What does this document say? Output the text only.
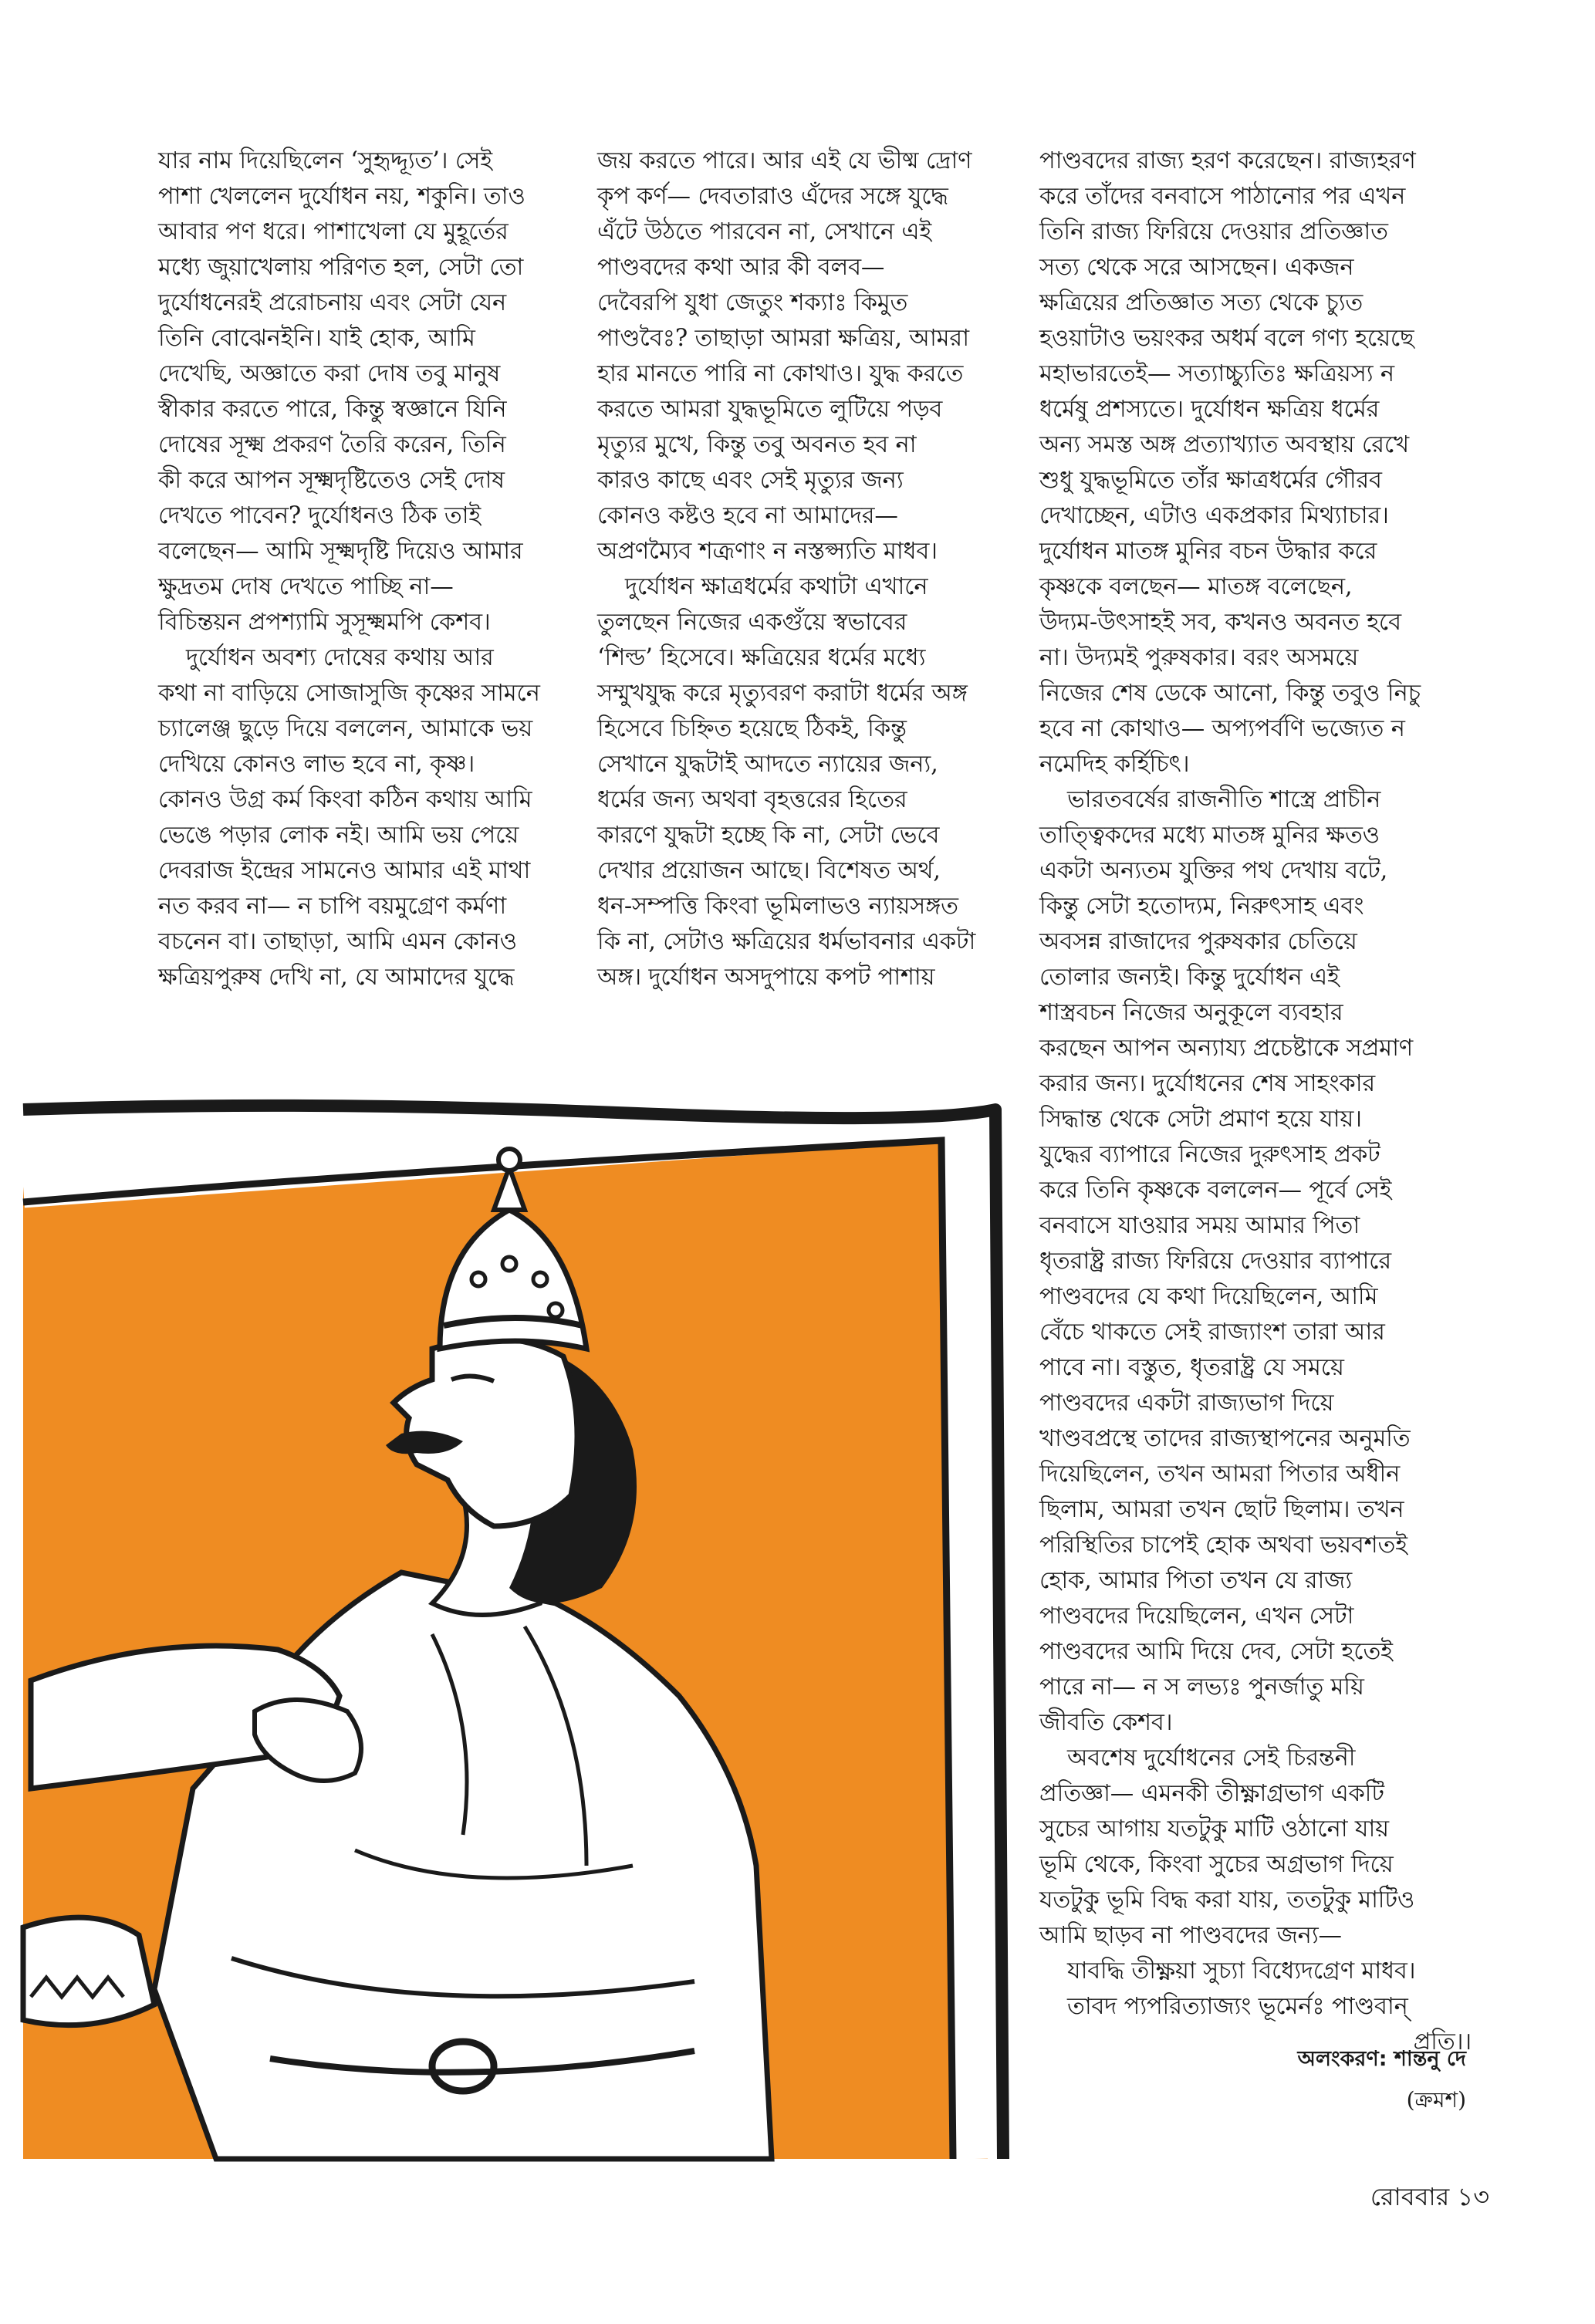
যার নাম দিয়েছিলেন ‘সুহৃদ্দ্যূত’। সেই

পাশা খেললেন দুর্যোধন নয়, শকুনি। তাও

আবার পণ ধরে। পাশাখেলা যে মুহূর্তের

মধ্যে জুয়াখেলায় পরিণত হল, সেটা তো

দুর্যোধনেরই প্ররোচনায় এবং সেটা যেন

তিনি বোঝেনইনি। যাই হোক, আমি

দেখেছি, অজ্ঞাতে করা দোষ তবু মানুষ

স্বীকার করতে পারে, কিন্তু স্বজ্ঞানে যিনি

দোষের সূক্ষ্ম প্রকরণ তৈরি করেন, তিনি

কী করে আপন সূক্ষ্মদৃষ্টিতেও সেই দোষ

দেখতে পাবেন? দুর্যোধনও ঠিক তাই

বলেছেন— আমি সূক্ষ্মদৃষ্টি দিয়েও আমার

ক্ষুদ্রতম দোষ দেখতে পাচ্ছি না—

বিচিন্তয়ন প্রপশ্যামি সুসূক্ষ্মমপি কেশব।

দুর্যোধন অবশ্য দোষের কথায় আর

কথা না বাড়িয়ে সোজাসুজি কৃষ্ণের সামনে

চ্যালেঞ্জ ছুড়ে দিয়ে বললেন, আমাকে ভয়

দেখিয়ে কোনও লাভ হবে না, কৃষ্ণ।

কোনও উগ্র কর্ম কিংবা কঠিন কথায় আমি

ভেঙে পড়ার লোক নই। আমি ভয় পেয়ে

দেবরাজ ইন্দ্রের সামনেও আমার এই মাথা

নত করব না— ন চাপি বয়মুগ্রেণ কর্মণা

বচনেন বা। তাছাড়া, আমি এমন কোনও

ক্ষত্রিয়পুরুষ দেখি না, যে আমাদের যুদ্ধে

জয় করতে পারে। আর এই যে ভীষ্ম দ্রোণ

কৃপ কর্ণ— দেবতারাও এঁদের সঙ্গে যুদ্ধে

এঁটে উঠতে পারবেন না, সেখানে এই

পাণ্ডবদের কথা আর কী বলব—

দেবৈরপি যুধা জেতুং শক্যাঃ কিমুত

পাণ্ডবৈঃ? তাছাড়া আমরা ক্ষত্রিয়, আমরা

হার মানতে পারি না কোথাও। যুদ্ধ করতে

করতে আমরা যুদ্ধভূমিতে লুটিয়ে পড়ব

মৃত্যুর মুখে, কিন্তু তবু অবনত হব না

কারও কাছে এবং সেই মৃত্যুর জন্য

কোনও কষ্টও হবে না আমাদের—

অপ্রণম্যৈব শত্রূণাং ন নস্তপ্স্যতি মাধব।

দুর্যোধন ক্ষাত্রধর্মের কথাটা এখানে

তুলছেন নিজের একগুঁয়ে স্বভাবের

‘শিল্ড’ হিসেবে। ক্ষত্রিয়ের ধর্মের মধ্যে

সম্মুখযুদ্ধ করে মৃত্যুবরণ করাটা ধর্মের অঙ্গ

হিসেবে চিহ্নিত হয়েছে ঠিকই, কিন্তু

সেখানে যুদ্ধটাই আদতে ন্যায়ের জন্য,

ধর্মের জন্য অথবা বৃহত্তরের হিতের

কারণে যুদ্ধটা হচ্ছে কি না, সেটা ভেবে

দেখার প্রয়োজন আছে। বিশেষত অর্থ,

ধন-সম্পত্তি কিংবা ভূমিলাভও ন্যায়সঙ্গত

কি না, সেটাও ক্ষত্রিয়ের ধর্মভাবনার একটা

অঙ্গ। দুর্যোধন অসদুপায়ে কপট পাশায়

পাণ্ডবদের রাজ্য হরণ করেছেন। রাজ্যহরণ

করে তাঁদের বনবাসে পাঠানোর পর এখন

তিনি রাজ্য ফিরিয়ে দেওয়ার প্রতিজ্ঞাত

সত্য থেকে সরে আসছেন। একজন

ক্ষত্রিয়ের প্রতিজ্ঞাত সত্য থেকে চ্যুত

হওয়াটাও ভয়ংকর অধর্ম বলে গণ্য হয়েছে

মহাভারতেই— সত্যাচ্চ্যুতিঃ ক্ষত্রিয়স্য ন

ধর্মেষু প্রশস্যতে। দুর্যোধন ক্ষত্রিয় ধর্মের

অন্য সমস্ত অঙ্গ প্রত্যাখ্যাত অবস্থায় রেখে

শুধু যুদ্ধভূমিতে তাঁর ক্ষাত্রধর্মের গৌরব

দেখাচ্ছেন, এটাও একপ্রকার মিথ্যাচার।

দুর্যোধন মাতঙ্গ মুনির বচন উদ্ধার করে

কৃষ্ণকে বলছেন— মাতঙ্গ বলেছেন,

উদ্যম-উৎসাহই সব, কখনও অবনত হবে

না। উদ্যমই পুরুষকার। বরং অসময়ে

নিজের শেষ ডেকে আনো, কিন্তু তবুও নিচু

হবে না কোথাও— অপ্যপর্বণি ভজ্যেত ন

নমেদিহ কর্হিচিৎ।

ভারতবর্ষের রাজনীতি শাস্ত্রে প্রাচীন

তাত্ত্বিকদের মধ্যে মাতঙ্গ মুনির ক্ষতও

একটা অন্যতম যুক্তির পথ দেখায় বটে,

কিন্তু সেটা হতোদ্যম, নিরুৎসাহ এবং

অবসন্ন রাজাদের পুরুষকার চেতিয়ে

তোলার জন্যই। কিন্তু দুর্যোধন এই

শাস্ত্রবচন নিজের অনুকূলে ব্যবহার

করছেন আপন অন্যায্য প্রচেষ্টাকে সপ্রমাণ

করার জন্য। দুর্যোধনের শেষ সাহংকার

সিদ্ধান্ত থেকে সেটা প্রমাণ হয়ে যায়।

যুদ্ধের ব্যাপারে নিজের দুরুৎসাহ প্রকট

করে তিনি কৃষ্ণকে বললেন— পূর্বে সেই

বনবাসে যাওয়ার সময় আমার পিতা

ধৃতরাষ্ট্র রাজ্য ফিরিয়ে দেওয়ার ব্যাপারে

পাণ্ডবদের যে কথা দিয়েছিলেন, আমি

বেঁচে থাকতে সেই রাজ্যাংশ তারা আর

পাবে না। বস্তুত, ধৃতরাষ্ট্র যে সময়ে

পাণ্ডবদের একটা রাজ্যভাগ দিয়ে

খাণ্ডবপ্রস্থে তাদের রাজ্যস্থাপনের অনুমতি

দিয়েছিলেন, তখন আমরা পিতার অধীন

ছিলাম, আমরা তখন ছোট ছিলাম। তখন

পরিস্থিতির চাপেই হোক অথবা ভয়বশতই

হোক, আমার পিতা তখন যে রাজ্য

পাণ্ডবদের দিয়েছিলেন, এখন সেটা

পাণ্ডবদের আমি দিয়ে দেব, সেটা হতেই

পারে না— ন স লভ্যঃ পুনর্জাতু ময়ি

জীবতি কেশব।

অবশেষ দুর্যোধনের সেই চিরন্তনী

প্রতিজ্ঞা— এমনকী তীক্ষ্ণাগ্রভাগ একটি

সুচের আগায় যতটুকু মাটি ওঠানো যায়

ভূমি থেকে, কিংবা সুচের অগ্রভাগ দিয়ে

যতটুকু ভূমি বিদ্ধ করা যায়, ততটুকু মাটিও

আমি ছাড়ব না পাণ্ডবদের জন্য—

যাবদ্ধি তীক্ষ্ণয়া সুচ্যা বিধ্যেদগ্রেণ মাধব।

তাবদ প্যপরিত্যাজ্যং ভূমের্নঃ পাণ্ডবান্

প্রতি।।

অলংকরণ: শান্তনু দে
(ক্রমশ)
রোববার ১৩
